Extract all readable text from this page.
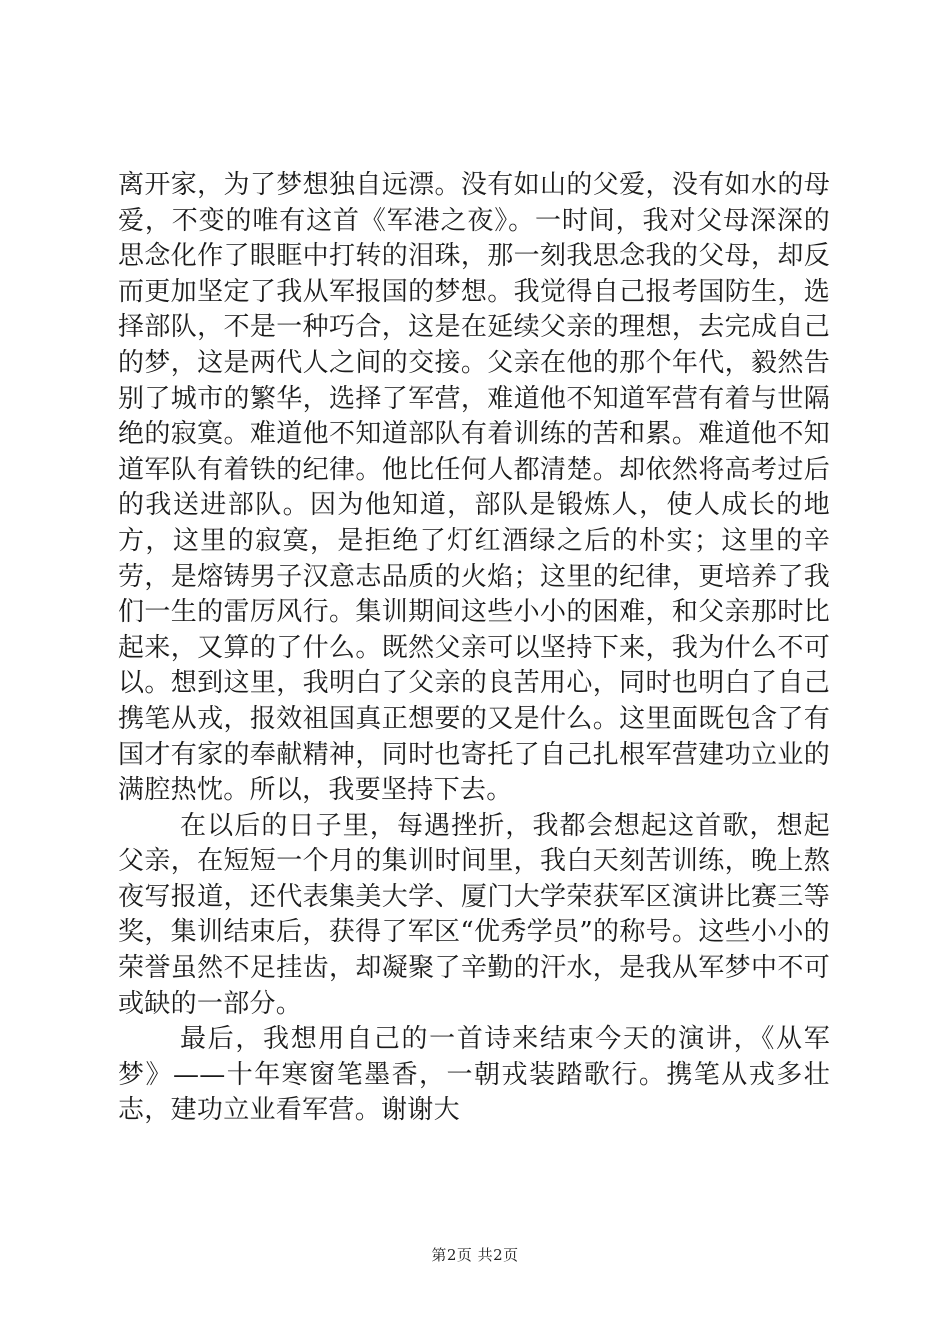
离开家，为了梦想独自远漂。没有如山的父爱，没有如水的母爱，不变的唯有这首《军港之夜》。一时间，我对父母深深的思念化作了眼眶中打转的泪珠，那一刻我思念我的父母，却反而更加坚定了我从军报国的梦想。我觉得自己报考国防生，选择部队，不是一种巧合，这是在延续父亲的理想，去完成自己的梦，这是两代人之间的交接。父亲在他的那个年代，毅然告别了城市的繁华，选择了军营，难道他不知道军营有着与世隔绝的寂寞。难道他不知道部队有着训练的苦和累。难道他不知道军队有着铁的纪律。他比任何人都清楚。却依然将高考过后的我送进部队。因为他知道，部队是锻炼人，使人成长的地方，这里的寂寞，是拒绝了灯红酒绿之后的朴实；这里的辛劳，是熔铸男子汉意志品质的火焰；这里的纪律，更培养了我们一生的雷厉风行。集训期间这些小小的困难，和父亲那时比起来，又算的了什么。既然父亲可以坚持下来，我为什么不可以。想到这里，我明白了父亲的良苦用心，同时也明白了自己携笔从戎，报效祖国真正想要的又是什么。这里面既包含了有国才有家的奉献精神，同时也寄托了自己扎根军营建功立业的满腔热忱。所以，我要坚持下去。

在以后的日子里，每遇挫折，我都会想起这首歌，想起父亲，在短短一个月的集训时间里，我白天刻苦训练，晚上熬夜写报道，还代表集美大学、厦门大学荣获军区演讲比赛三等奖，集训结束后，获得了军区“优秀学员”的称号。这些小小的荣誉虽然不足挂齿，却凝聚了辛勤的汗水，是我从军梦中不可或缺的一部分。

最后，我想用自己的一首诗来结束今天的演讲，《从军梦》——十年寒窗笔墨香，一朝戎装踏歌行。携笔从戎多壮志，建功立业看军营。谢谢大

第2页 共2页
